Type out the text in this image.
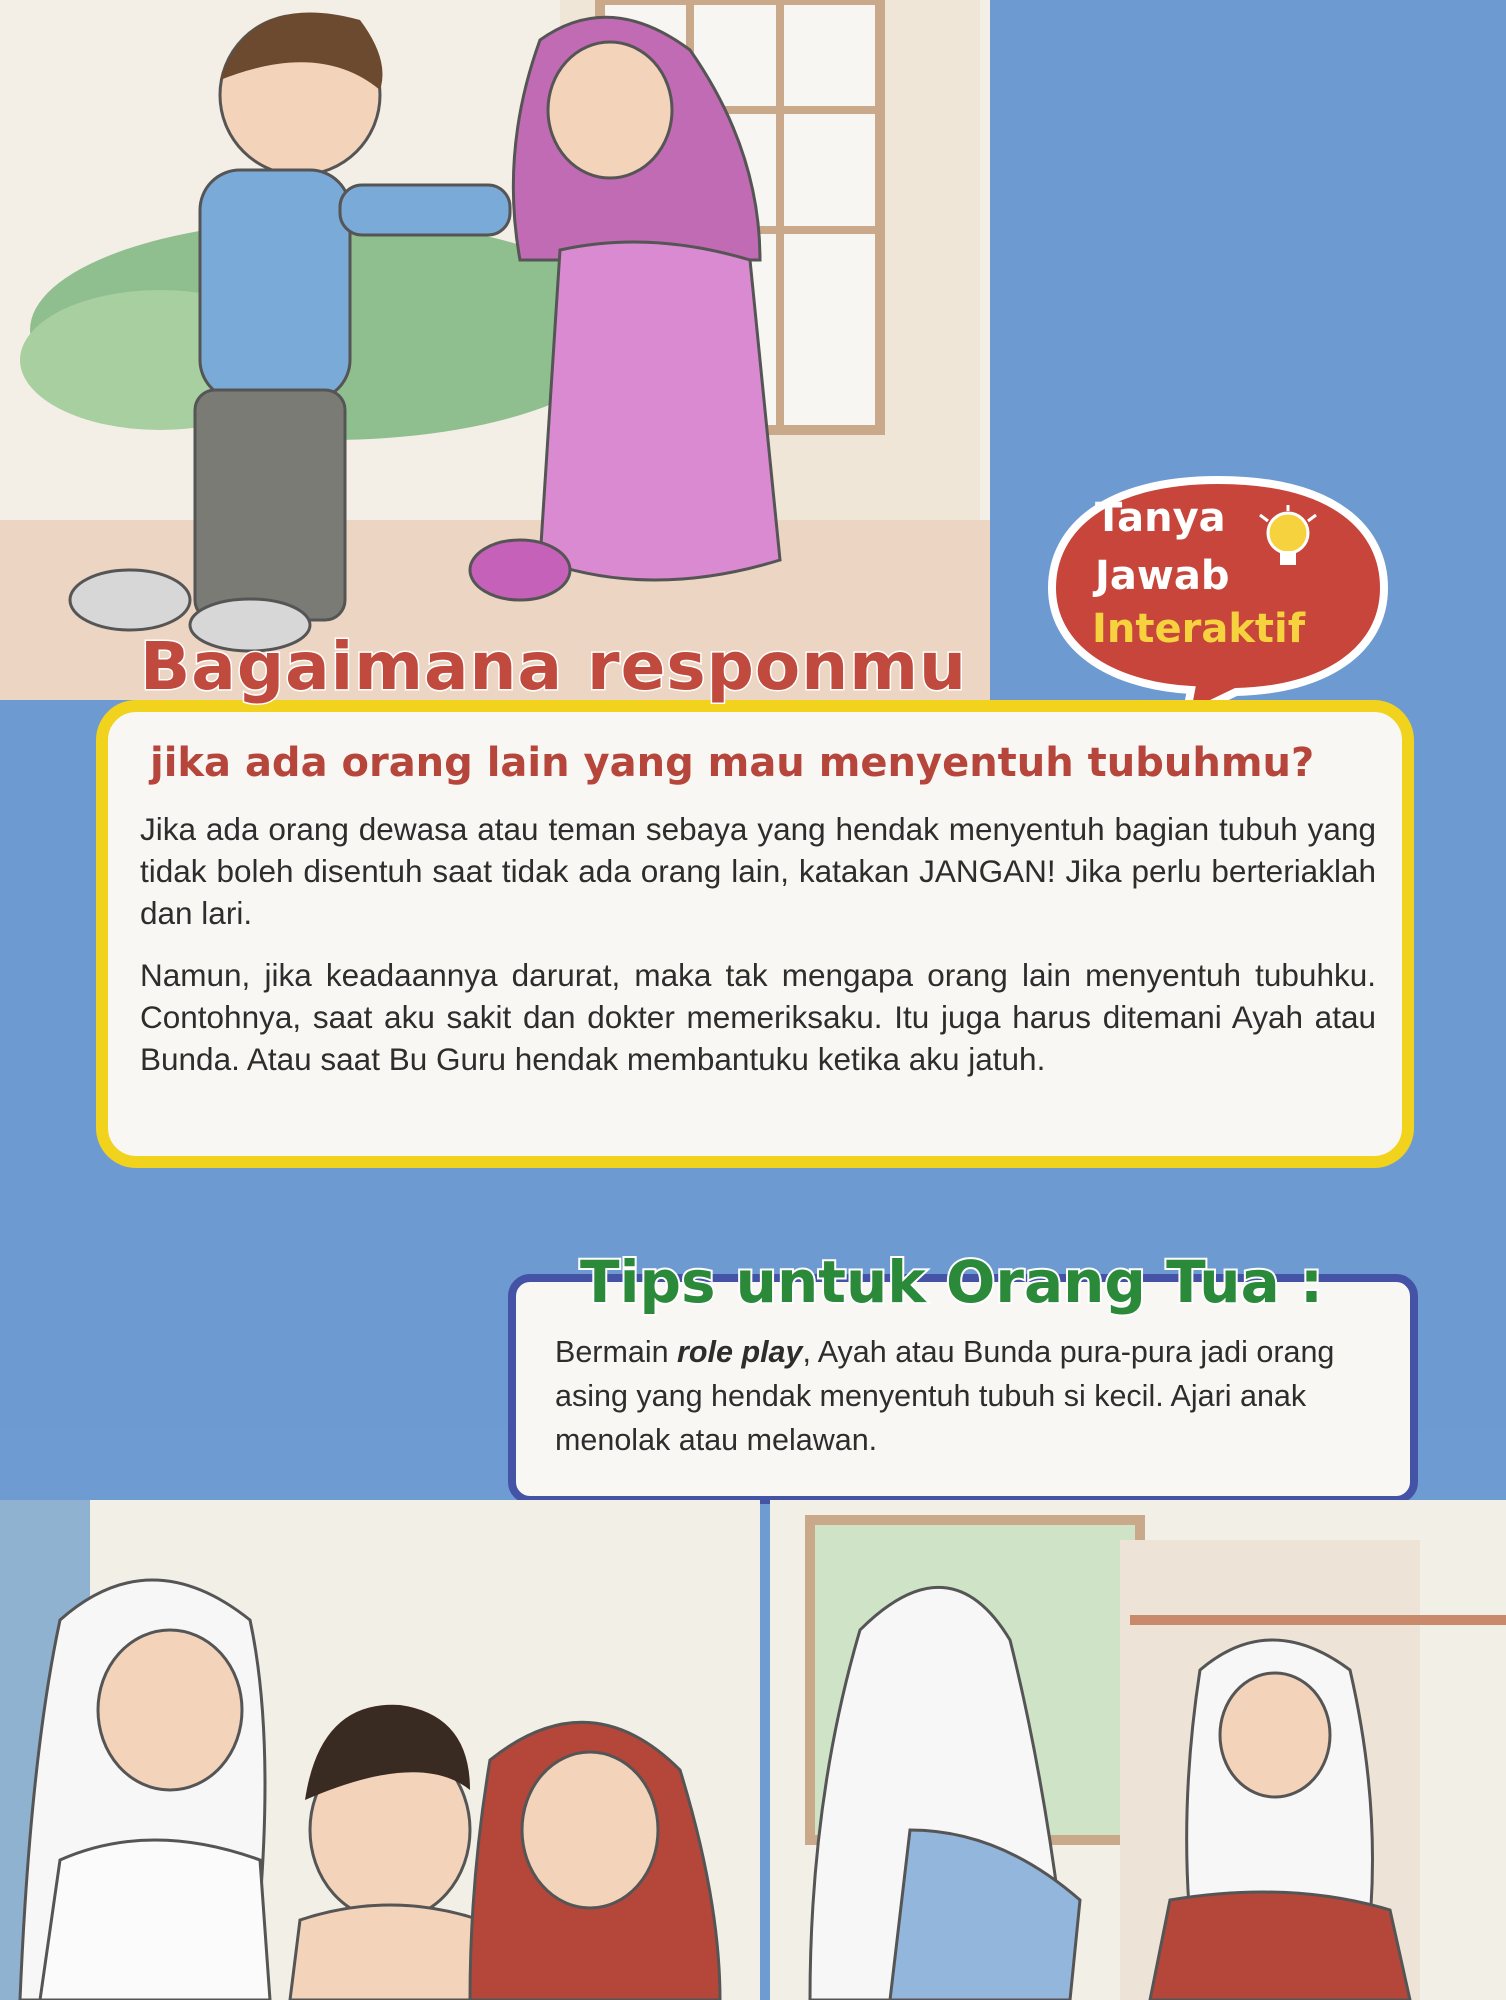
Tanya
Jawab
Interaktif
Bagaimana responmu
jika ada orang lain yang mau menyentuh tubuhmu?
Jika ada orang dewasa atau teman sebaya yang hendak menyentuh bagian tubuh yang tidak boleh disentuh saat tidak ada orang lain, katakan JANGAN! Jika perlu berteriaklah dan lari.
Namun, jika keadaannya darurat, maka tak mengapa orang lain menyentuh tubuhku. Contohnya, saat aku sakit dan dokter memeriksaku. Itu juga harus ditemani Ayah atau Bunda. Atau saat Bu Guru hendak membantuku ketika aku jatuh.
Tips untuk Orang Tua :
Bermain role play, Ayah atau Bunda pura-pura jadi orang asing yang hendak menyentuh tubuh si kecil. Ajari anak menolak atau melawan.
